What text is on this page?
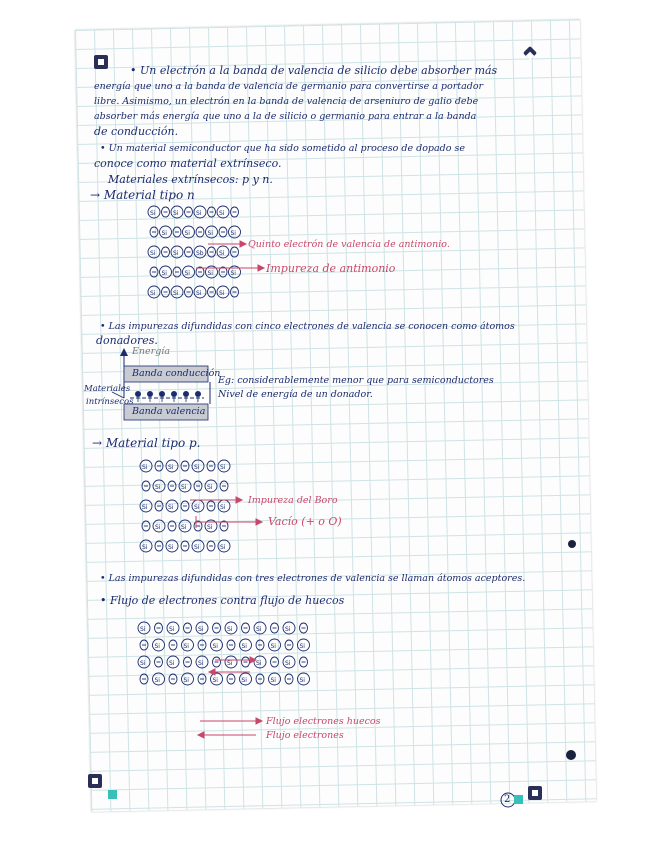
• Un electrón a la banda de valencia de silicio debe absorber más
energía que uno a la banda de valencia de germanio para convertirse a portador
libre. Asimismo, un electrón en la banda de valencia de arseniuro de galio debe
absorber más energía que uno a la de silicio o germanio para entrar a la banda
de conducción.
• Un material semiconductor que ha sido sometido al proceso de dopado se
conoce como material extrínseco.
Materiales extrínsecos: p y n.
→ Material tipo n
Si	Si	Si	Si
Si	Si	Si	Si
Si	Si	Sb	Si
Si	Si	Si	Si
Si	Si	Si	Si
Si	Si	Si	Si
Si	Si	Si
Si	Si	Si	Si
Si	Si	Si
Si	Si	Si	Si
Si	Si	Si	Si	Si	Si
Si	Si	Si	Si	Si	Si
Si	Si	Si	Si	Si	Si
Si	Si	Si	Si	Si	Si
Quinto electrón de valencia de antimonio.
Impureza de antimonio
• Las impurezas difundidas con cinco electrones de valencia se conocen como átomos
donadores.
Energía
Banda conducción
Banda valencia
Eg: considerablemente menor que para semiconductores
Nivel de energía de un donador.
Materiales
intrínsecos
→ Material tipo p.
Impureza del Boro
Vacío (+ o O)
• Las impurezas difundidas con tres electrones de valencia se llaman átomos aceptores.
• Flujo de electrones contra flujo de huecos
Flujo electrones huecos
Flujo electrones
2
